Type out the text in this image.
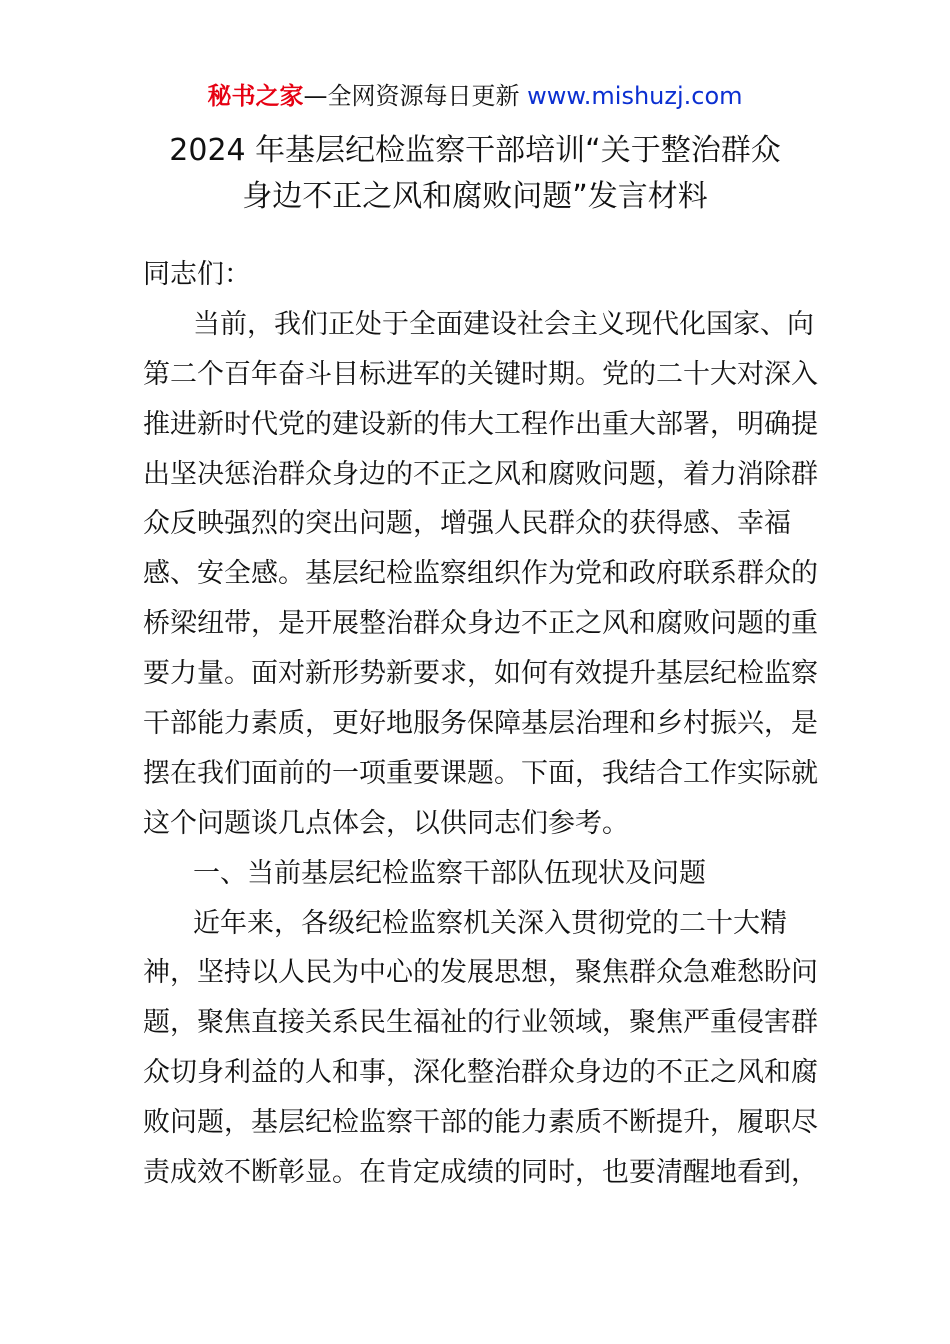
秘书之家—全网资源每日更新 www.mishuzj.com
2024 年基层纪检监察干部培训“关于整治群众
身边不正之风和腐败问题”发言材料
同志们：
当前，我们正处于全面建设社会主义现代化国家、向
第二个百年奋斗目标进军的关键时期。党的二十大对深入
推进新时代党的建设新的伟大工程作出重大部署，明确提
出坚决惩治群众身边的不正之风和腐败问题，着力消除群
众反映强烈的突出问题，增强人民群众的获得感、幸福
感、安全感。基层纪检监察组织作为党和政府联系群众的
桥梁纽带，是开展整治群众身边不正之风和腐败问题的重
要力量。面对新形势新要求，如何有效提升基层纪检监察
干部能力素质，更好地服务保障基层治理和乡村振兴，是
摆在我们面前的一项重要课题。下面，我结合工作实际就
这个问题谈几点体会，以供同志们参考。
一、当前基层纪检监察干部队伍现状及问题
近年来，各级纪检监察机关深入贯彻党的二十大精
神，坚持以人民为中心的发展思想，聚焦群众急难愁盼问
题，聚焦直接关系民生福祉的行业领域，聚焦严重侵害群
众切身利益的人和事，深化整治群众身边的不正之风和腐
败问题，基层纪检监察干部的能力素质不断提升，履职尽
责成效不断彰显。在肯定成绩的同时，也要清醒地看到，
